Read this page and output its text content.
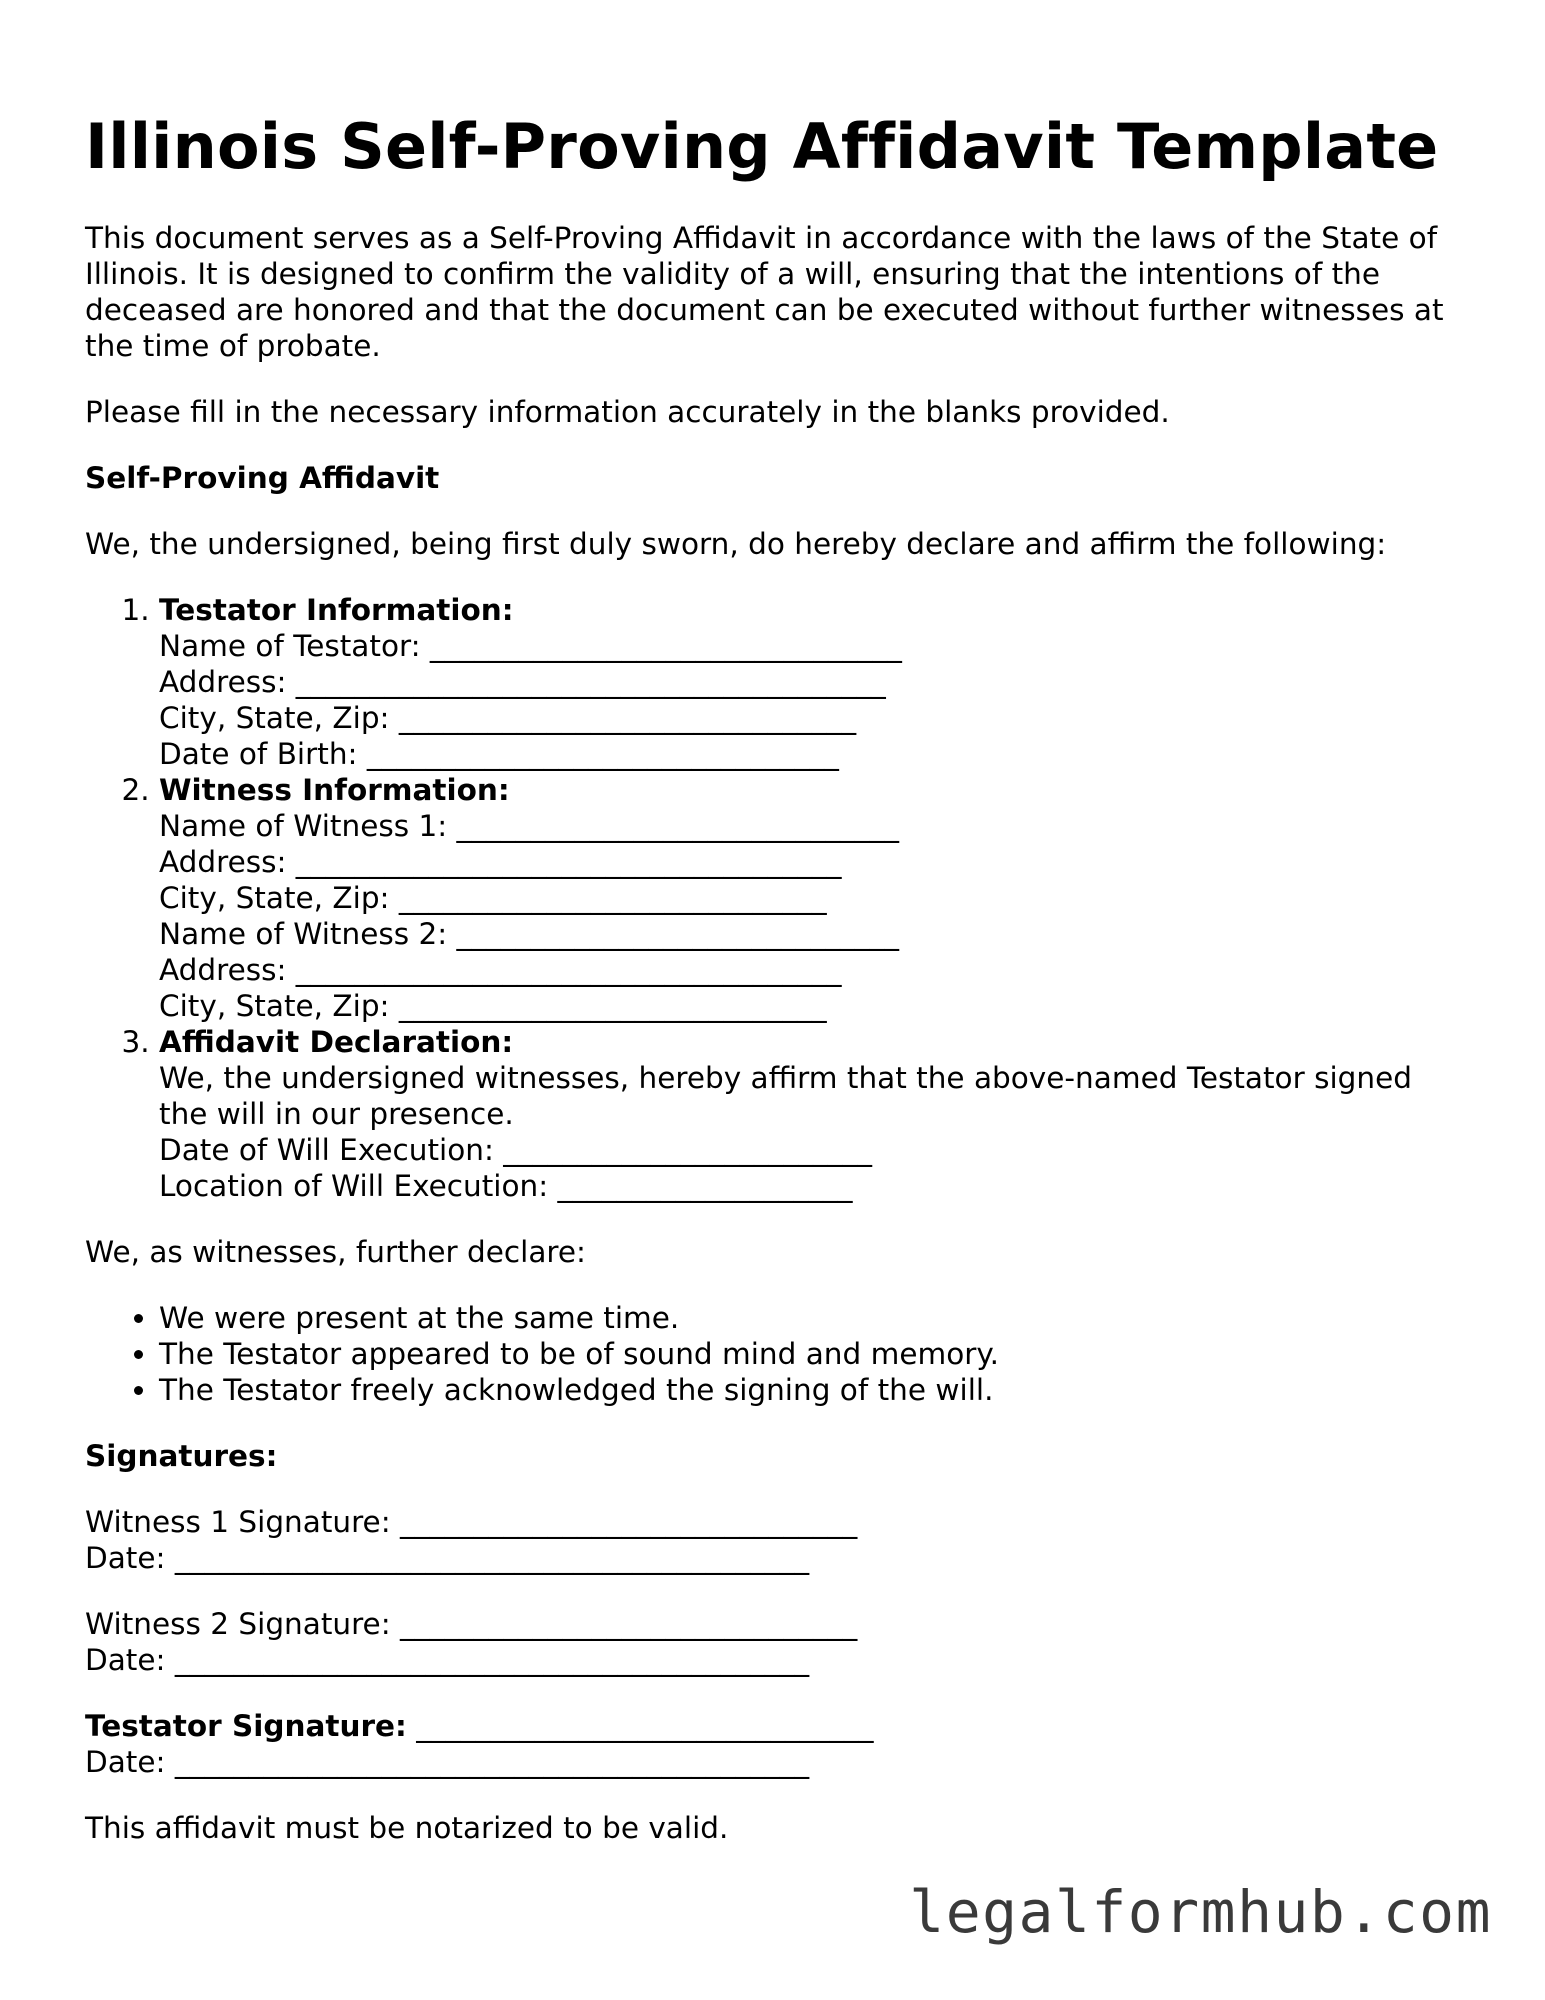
Illinois Self-Proving Affidavit Template

This document serves as a Self-Proving Affidavit in accordance with the laws of the State of Illinois. It is designed to confirm the validity of a will, ensuring that the intentions of the deceased are honored and that the document can be executed without further witnesses at the time of probate.

Please fill in the necessary information accurately in the blanks provided.

Self-Proving Affidavit

We, the undersigned, being first duly sworn, do hereby declare and affirm the following:

1. Testator Information:
Name of Testator: ________________________________
Address: ________________________________________
City, State, Zip: _______________________________
Date of Birth: ________________________________
2. Witness Information:
Name of Witness 1: ______________________________
Address: _____________________________________
City, State, Zip: _____________________________
Name of Witness 2: ______________________________
Address: _____________________________________
City, State, Zip: _____________________________
3. Affidavit Declaration:
We, the undersigned witnesses, hereby affirm that the above-named Testator signed the will in our presence.
Date of Will Execution: _________________________
Location of Will Execution: ____________________

We, as witnesses, further declare:

• We were present at the same time.
• The Testator appeared to be of sound mind and memory.
• The Testator freely acknowledged the signing of the will.

Signatures:

Witness 1 Signature: _______________________________
Date: ___________________________________________
Witness 2 Signature: _______________________________
Date: ___________________________________________
Testator Signature: _______________________________
Date: ___________________________________________

This affidavit must be notarized to be valid.

legalformhub.com
